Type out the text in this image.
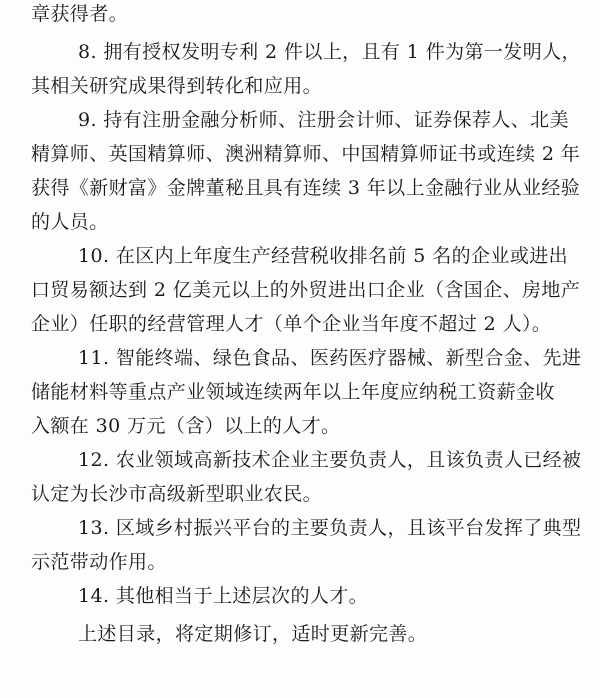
章获得者。
8. 拥有授权发明专利 2 件以上，且有 1 件为第一发明人，
其相关研究成果得到转化和应用。
9. 持有注册金融分析师、注册会计师、证券保荐人、北美
精算师、英国精算师、澳洲精算师、中国精算师证书或连续 2 年
获得《新财富》金牌董秘且具有连续 3 年以上金融行业从业经验
的人员。
10. 在区内上年度生产经营税收排名前 5 名的企业或进出
口贸易额达到 2 亿美元以上的外贸进出口企业（含国企、房地产
企业）任职的经营管理人才（单个企业当年度不超过 2 人）。
11. 智能终端、绿色食品、医药医疗器械、新型合金、先进
储能材料等重点产业领域连续两年以上年度应纳税工资薪金收
入额在 30 万元（含）以上的人才。
12. 农业领域高新技术企业主要负责人，且该负责人已经被
认定为长沙市高级新型职业农民。
13. 区域乡村振兴平台的主要负责人，且该平台发挥了典型
示范带动作用。
14. 其他相当于上述层次的人才。
上述目录，将定期修订，适时更新完善。
